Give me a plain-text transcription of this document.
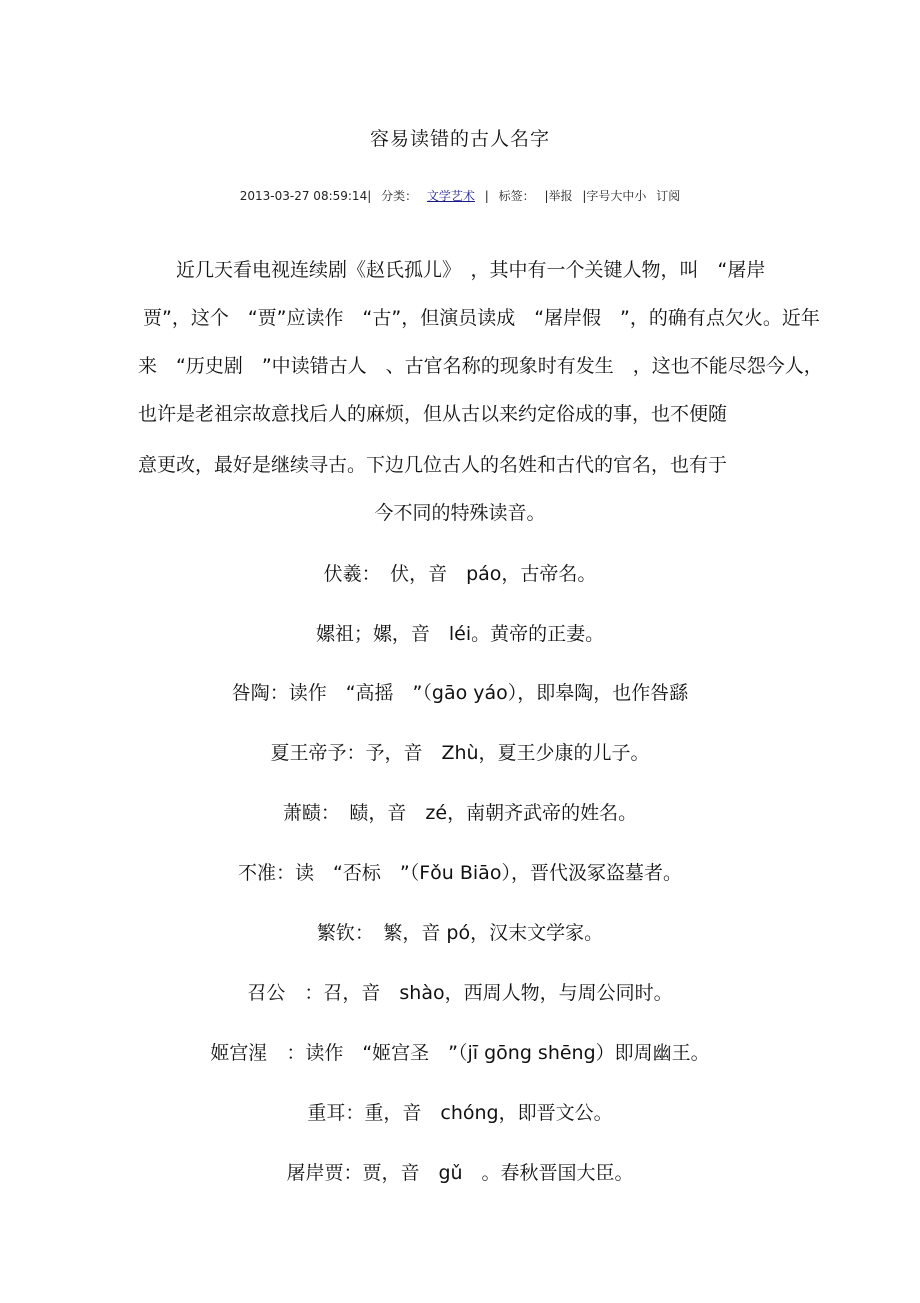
容易读错的古人名字
2013-03-27 08:59:14| 分类： 文学艺术 | 标签： |举报 |字号大中小 订阅
近几天看电视连续剧《赵氏孤儿》　，其中有一个关键人物，叫　“屠岸
贾”，这个　“贾”应读作　“古”，但演员读成　“屠岸假　”，的确有点欠火。近年
来　“历史剧　”中读错古人　、古官名称的现象时有发生　，这也不能尽怨今人，
也许是老祖宗故意找后人的麻烦，但从古以来约定俗成的事，也不便随
意更改，最好是继续寻古。下边几位古人的名姓和古代的官名，也有于
今不同的特殊读音。
伏羲：　伏，音　páo，古帝名。
嫘祖；嫘，音　léi。黄帝的正妻。
咎陶：读作　“高摇　”（gāo yáo），即皋陶，也作咎繇
夏王帝予：予，音　Zhù，夏王少康的儿子。
萧赜：　赜，音　zé，南朝齐武帝的姓名。
不准：读　“否标　”（Fǒu Biāo），晋代汲冢盗墓者。
繁钦：　繁，音 pó，汉末文学家。
召公　：召，音　shào，西周人物，与周公同时。
姬宫湦　：读作　“姬宫圣　”（jī gōng shēng）即周幽王。
重耳：重，音　chóng，即晋文公。
屠岸贾：贾，音　gǔ　。春秋晋国大臣。
